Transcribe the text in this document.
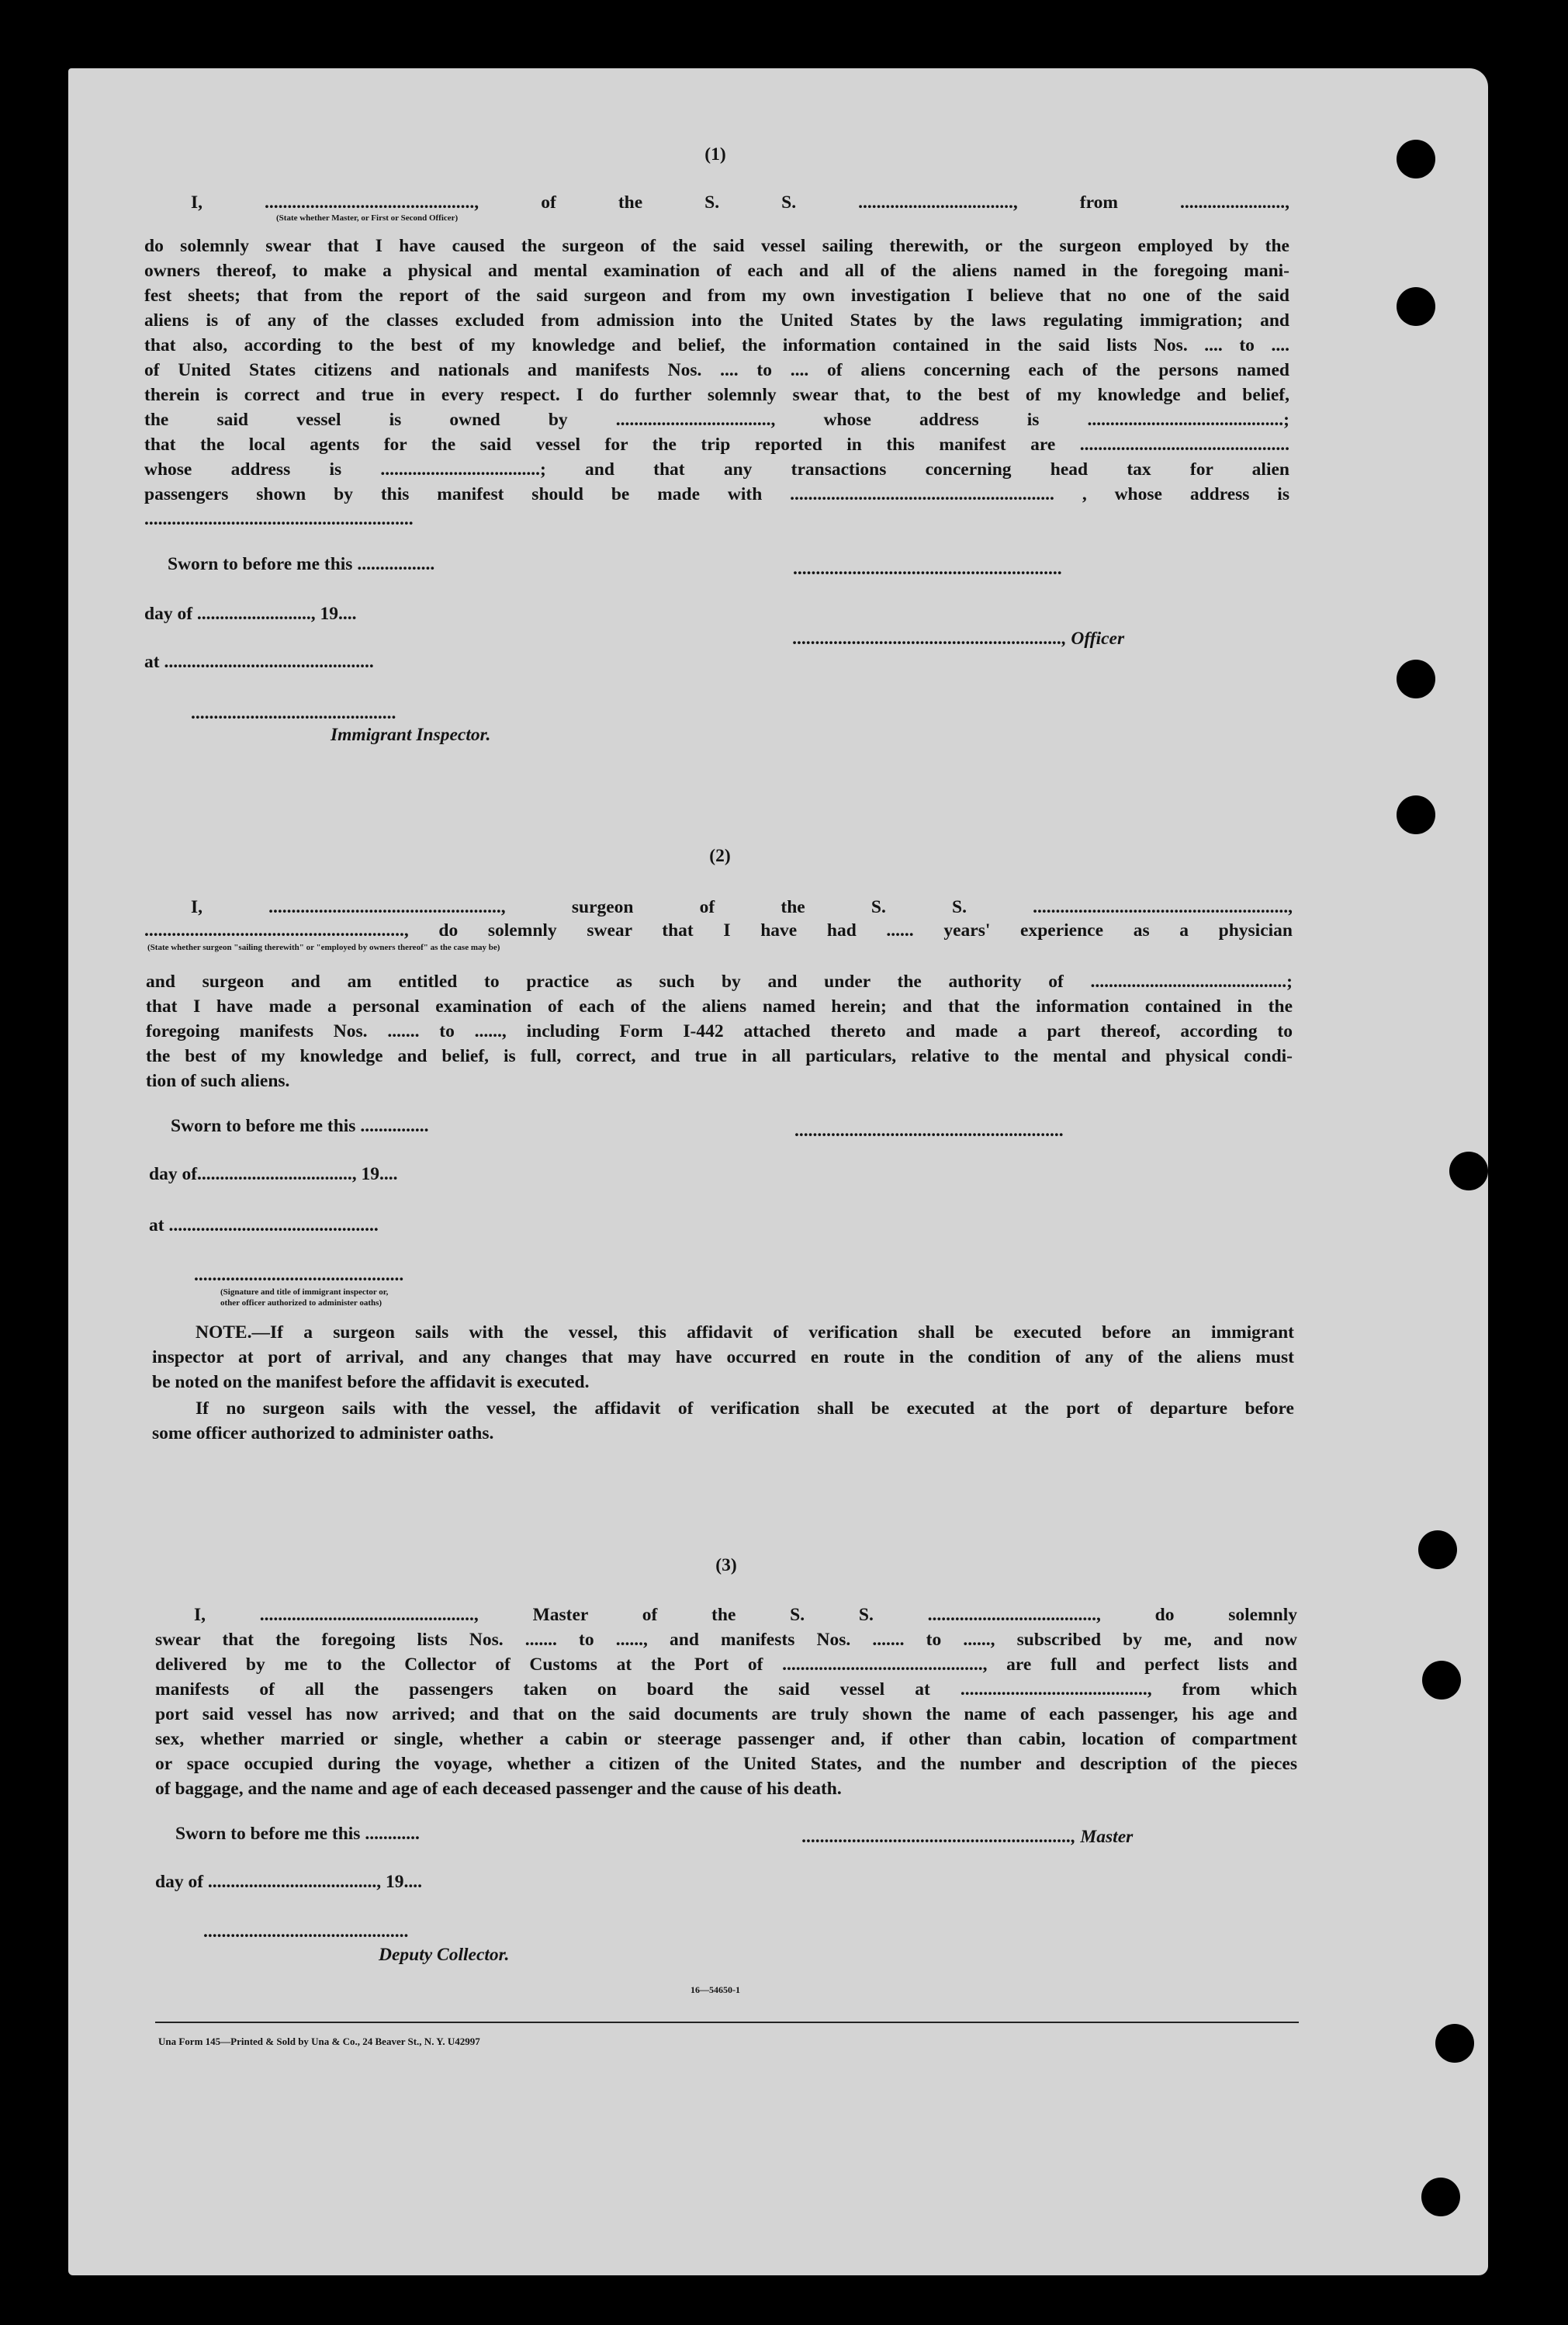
(1)
I, .............................................., of the S. S. .................................., from .......................,
(State whether Master, or First or Second Officer)
do solemnly swear that I have caused the surgeon of the said vessel sailing therewith, or the surgeon employed by the
owners thereof, to make a physical and mental examination of each and all of the aliens named in the foregoing mani-
fest sheets; that from the report of the said surgeon and from my own investigation I believe that no one of the said
aliens is of any of the classes excluded from admission into the United States by the laws regulating immigration; and
that also, according to the best of my knowledge and belief, the information contained in the said lists Nos. .... to ....
of United States citizens and nationals and manifests Nos. .... to .... of aliens concerning each of the persons named
therein is correct and true in every respect. I do further solemnly swear that, to the best of my knowledge and belief,
the said vessel is owned by .................................., whose address is ...........................................;
that the local agents for the said vessel for the trip reported in this manifest are ..............................................
whose address is ...................................; and that any transactions concerning head tax for alien
passengers shown by this manifest should be made with .......................................................... , whose address is
...........................................................
Sworn to before me this .................	...........................................................
day of ........................., 19....
..........................................................., Officer
at ..............................................
.............................................
Immigrant Inspector.
(2)
I, ..................................................., surgeon of the S. S. ........................................................,
........................................................., do solemnly swear that I have had ...... years' experience as a physician
(State whether surgeon "sailing therewith" or "employed by owners thereof" as the case may be)
and surgeon and am entitled to practice as such by and under the authority of ...........................................;
that I have made a personal examination of each of the aliens named herein; and that the information contained in the
foregoing manifests Nos. ....... to ......, including Form I-442 attached thereto and made a part thereof, according to
the best of my knowledge and belief, is full, correct, and true in all particulars, relative to the mental and physical condi-
tion of such aliens.
Sworn to before me this ...............	...........................................................
day of.................................., 19....
at ..............................................
..............................................
(Signature and title of immigrant inspector or,
other officer authorized to administer oaths)
NOTE.—If a surgeon sails with the vessel, this affidavit of verification shall be executed before an immigrant
inspector at port of arrival, and any changes that may have occurred en route in the condition of any of the aliens must
be noted on the manifest before the affidavit is executed.
If no surgeon sails with the vessel, the affidavit of verification shall be executed at the port of departure before
some officer authorized to administer oaths.
(3)
I, ..............................................., Master of the S. S. ....................................., do solemnly
swear that the foregoing lists Nos. ....... to ......, and manifests Nos. ....... to ......, subscribed by me, and now
delivered by me to the Collector of Customs at the Port of ............................................, are full and perfect lists and
manifests of all the passengers taken on board the said vessel at ........................................., from which
port said vessel has now arrived; and that on the said documents are truly shown the name of each passenger, his age and
sex, whether married or single, whether a cabin or steerage passenger and, if other than cabin, location of compartment
or space occupied during the voyage, whether a citizen of the United States, and the number and description of the pieces
of baggage, and the name and age of each deceased passenger and the cause of his death.
Sworn to before me this ............	..........................................................., Master
day of ....................................., 19....
.............................................
Deputy Collector.
16—54650-1
Una Form 145—Printed & Sold by Una & Co., 24 Beaver St., N. Y. U42997
